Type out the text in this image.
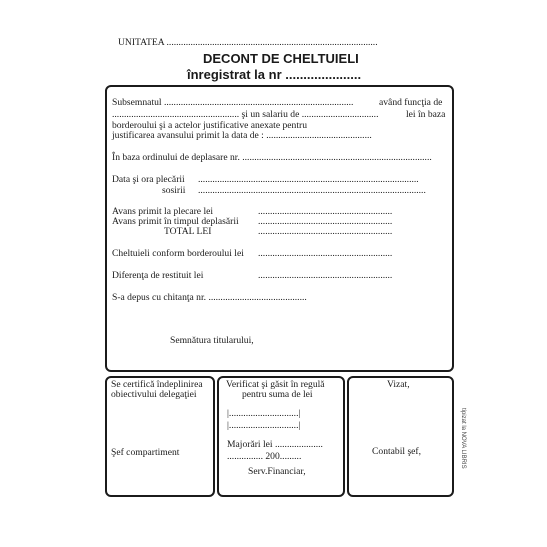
UNITATEA ........................................................................................
DECONT DE CHELTUIELI
înregistrat la nr .....................
Subsemnatul ...............................................................................	având funcţia de
..................................................... şi un salariu de ................................	lei în baza
borderoului şi a actelor justificative anexate pentru
justificarea avansului primit la data de : ............................................
În baza ordinului de deplasare nr. ...............................................................................
Data şi ora plecării ............................................................................................
sosirii ...............................................................................................
Avans primit la plecare lei	........................................................
Avans primit în timpul deplasării ........................................................
TOTAL LEI	........................................................
Cheltuieli conform borderoului lei ........................................................
Diferenţa de restituit lei	........................................................
S-a depus cu chitanţa nr. .........................................
Semnătura titularului,
Se certifică îndeplinirea
obiectivului delegaţiei
Şef compartiment
Verificat şi găsit în regulă
pentru suma de lei
|.............................|
|.............................|
Majorări lei ....................
............... 200.........
Serv.Financiar,
Vizat,
Contabil şef,	tipizat la NOVA LIBRIS
